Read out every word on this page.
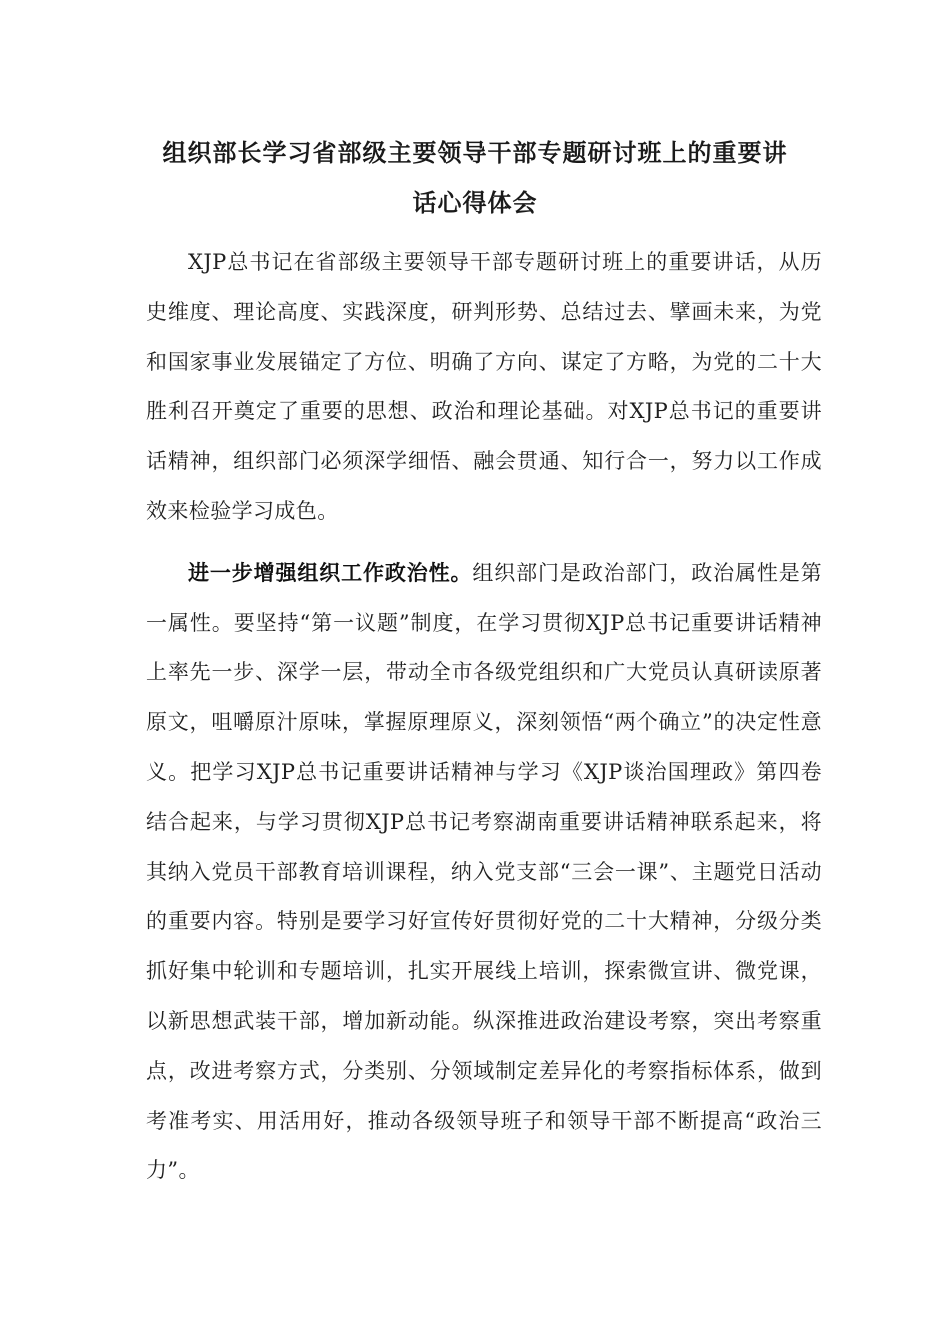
组织部长学习省部级主要领导干部专题研讨班上的重要讲
话心得体会

XJP总书记在省部级主要领导干部专题研讨班上的重要讲话，从历史维度、理论高度、实践深度，研判形势、总结过去、擘画未来，为党和国家事业发展锚定了方位、明确了方向、谋定了方略，为党的二十大胜利召开奠定了重要的思想、政治和理论基础。对XJP总书记的重要讲话精神，组织部门必须深学细悟、融会贯通、知行合一，努力以工作成效来检验学习成色。

进一步增强组织工作政治性。组织部门是政治部门，政治属性是第一属性。要坚持“第一议题”制度，在学习贯彻XJP总书记重要讲话精神上率先一步、深学一层，带动全市各级党组织和广大党员认真研读原著原文，咀嚼原汁原味，掌握原理原义，深刻领悟“两个确立”的决定性意义。把学习XJP总书记重要讲话精神与学习《XJP谈治国理政》第四卷结合起来，与学习贯彻XJP总书记考察湖南重要讲话精神联系起来，将其纳入党员干部教育培训课程，纳入党支部“三会一课”、主题党日活动的重要内容。特别是要学习好宣传好贯彻好党的二十大精神，分级分类抓好集中轮训和专题培训，扎实开展线上培训，探索微宣讲、微党课，以新思想武装干部，增加新动能。纵深推进政治建设考察，突出考察重点，改进考察方式，分类别、分领域制定差异化的考察指标体系，做到考准考实、用活用好，推动各级领导班子和领导干部不断提高“政治三力”。
